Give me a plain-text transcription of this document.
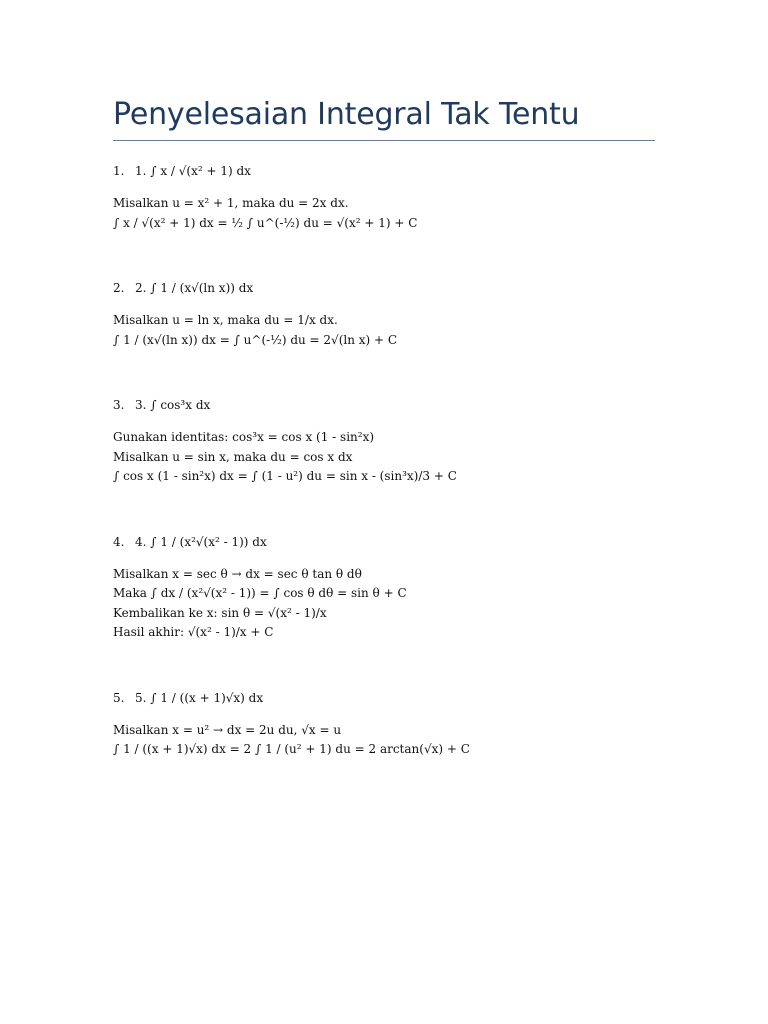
Penyelesaian Integral Tak Tentu
1. 1. ∫ x / √(x² + 1) dx
Misalkan u = x² + 1, maka du = 2x dx.
∫ x / √(x² + 1) dx = ½ ∫ u^(-½) du = √(x² + 1) + C
2. 2. ∫ 1 / (x√(ln x)) dx
Misalkan u = ln x, maka du = 1/x dx.
∫ 1 / (x√(ln x)) dx = ∫ u^(-½) du = 2√(ln x) + C
3. 3. ∫ cos³x dx
Gunakan identitas: cos³x = cos x (1 - sin²x)
Misalkan u = sin x, maka du = cos x dx
∫ cos x (1 - sin²x) dx = ∫ (1 - u²) du = sin x - (sin³x)/3 + C
4. 4. ∫ 1 / (x²√(x² - 1)) dx
Misalkan x = sec θ → dx = sec θ tan θ dθ
Maka ∫ dx / (x²√(x² - 1)) = ∫ cos θ dθ = sin θ + C
Kembalikan ke x: sin θ = √(x² - 1)/x
Hasil akhir: √(x² - 1)/x + C
5. 5. ∫ 1 / ((x + 1)√x) dx
Misalkan x = u² → dx = 2u du, √x = u
∫ 1 / ((x + 1)√x) dx = 2 ∫ 1 / (u² + 1) du = 2 arctan(√x) + C
